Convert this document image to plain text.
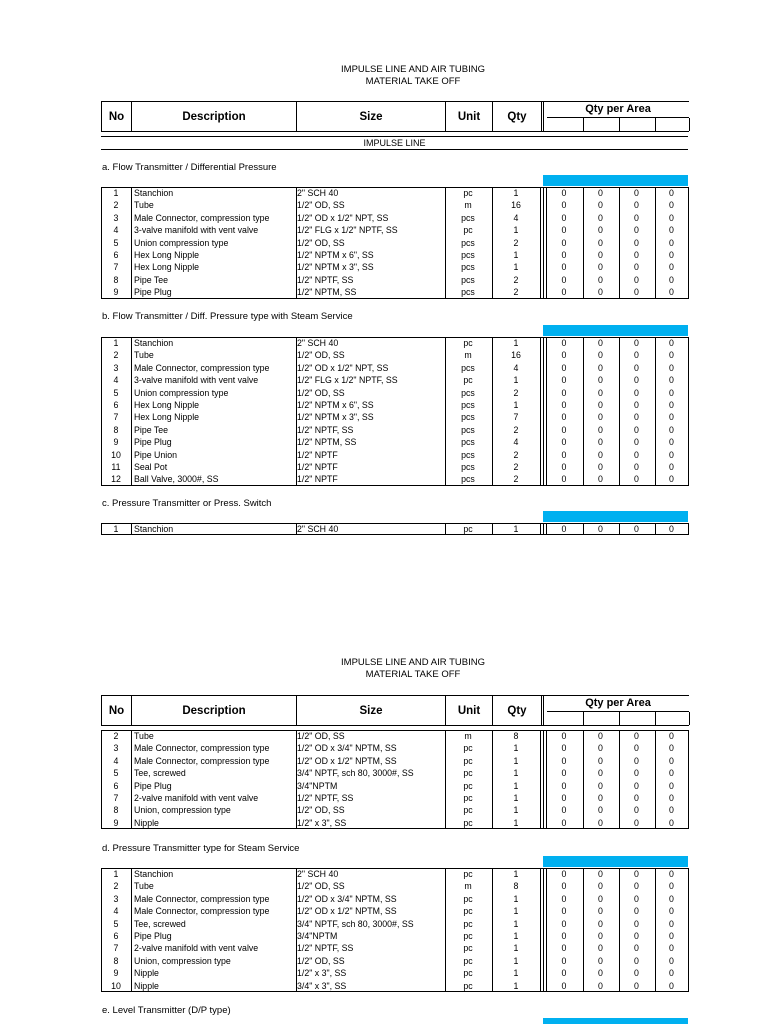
IMPULSE LINE AND AIR TUBING
MATERIAL TAKE OFF
No	Description	Size	Unit	Qty
Qty per Area
IMPULSE LINE
a. Flow Transmitter / Differential Pressure
1	Stanchion	2" SCH 40	pc	1	0	0	0	0
2	Tube	1/2" OD, SS	m	16	0	0	0	0
3	Male Connector, compression type	1/2" OD x 1/2" NPT, SS	pcs	4	0	0	0	0
4	3-valve manifold with vent valve	1/2" FLG x 1/2" NPTF, SS	pc	1	0	0	0	0
5	Union compression type	1/2" OD, SS	pcs	2	0	0	0	0
6	Hex Long Nipple	1/2" NPTM x 6", SS	pcs	1	0	0	0	0
7	Hex Long Nipple	1/2" NPTM x 3", SS	pcs	1	0	0	0	0
8	Pipe Tee	1/2" NPTF, SS	pcs	2	0	0	0	0
9	Pipe Plug	1/2" NPTM, SS	pcs	2	0	0	0	0
b. Flow Transmitter / Diff. Pressure type with Steam Service
1	Stanchion	2" SCH 40	pc	1	0	0	0	0
2	Tube	1/2" OD, SS	m	16	0	0	0	0
3	Male Connector, compression type	1/2" OD x 1/2" NPT, SS	pcs	4	0	0	0	0
4	3-valve manifold with vent valve	1/2" FLG x 1/2" NPTF, SS	pc	1	0	0	0	0
5	Union compression type	1/2" OD, SS	pcs	2	0	0	0	0
6	Hex Long Nipple	1/2" NPTM x 6", SS	pcs	1	0	0	0	0
7	Hex Long Nipple	1/2" NPTM x 3", SS	pcs	7	0	0	0	0
8	Pipe Tee	1/2" NPTF, SS	pcs	2	0	0	0	0
9	Pipe Plug	1/2" NPTM, SS	pcs	4	0	0	0	0
10	Pipe Union	1/2" NPTF	pcs	2	0	0	0	0
11	Seal Pot	1/2" NPTF	pcs	2	0	0	0	0
12	Ball Valve, 3000#, SS	1/2" NPTF	pcs	2	0	0	0	0
c. Pressure Transmitter or Press. Switch
1	Stanchion	2" SCH 40	pc	1	0	0	0	0
IMPULSE LINE AND AIR TUBING
MATERIAL TAKE OFF
No	Description	Size	Unit	Qty
Qty per Area
2	Tube	1/2" OD, SS	m	8	0	0	0	0
3	Male Connector, compression type	1/2" OD x 3/4" NPTM, SS	pc	1	0	0	0	0
4	Male Connector, compression type	1/2" OD x 1/2" NPTM, SS	pc	1	0	0	0	0
5	Tee, screwed	3/4" NPTF, sch 80, 3000#, SS	pc	1	0	0	0	0
6	Pipe Plug	3/4"NPTM	pc	1	0	0	0	0
7	2-valve manifold with vent valve	1/2" NPTF, SS	pc	1	0	0	0	0
8	Union, compression type	1/2" OD, SS	pc	1	0	0	0	0
9	Nipple	1/2" x 3", SS	pc	1	0	0	0	0
d. Pressure Transmitter type for Steam Service
1	Stanchion	2" SCH 40	pc	1	0	0	0	0
2	Tube	1/2" OD, SS	m	8	0	0	0	0
3	Male Connector, compression type	1/2" OD x 3/4" NPTM, SS	pc	1	0	0	0	0
4	Male Connector, compression type	1/2" OD x 1/2" NPTM, SS	pc	1	0	0	0	0
5	Tee, screwed	3/4" NPTF, sch 80, 3000#, SS	pc	1	0	0	0	0
6	Pipe Plug	3/4"NPTM	pc	1	0	0	0	0
7	2-valve manifold with vent valve	1/2" NPTF, SS	pc	1	0	0	0	0
8	Union, compression type	1/2" OD, SS	pc	1	0	0	0	0
9	Nipple	1/2" x 3", SS	pc	1	0	0	0	0
10	Nipple	3/4" x 3", SS	pc	1	0	0	0	0
e. Level Transmitter (D/P type)
